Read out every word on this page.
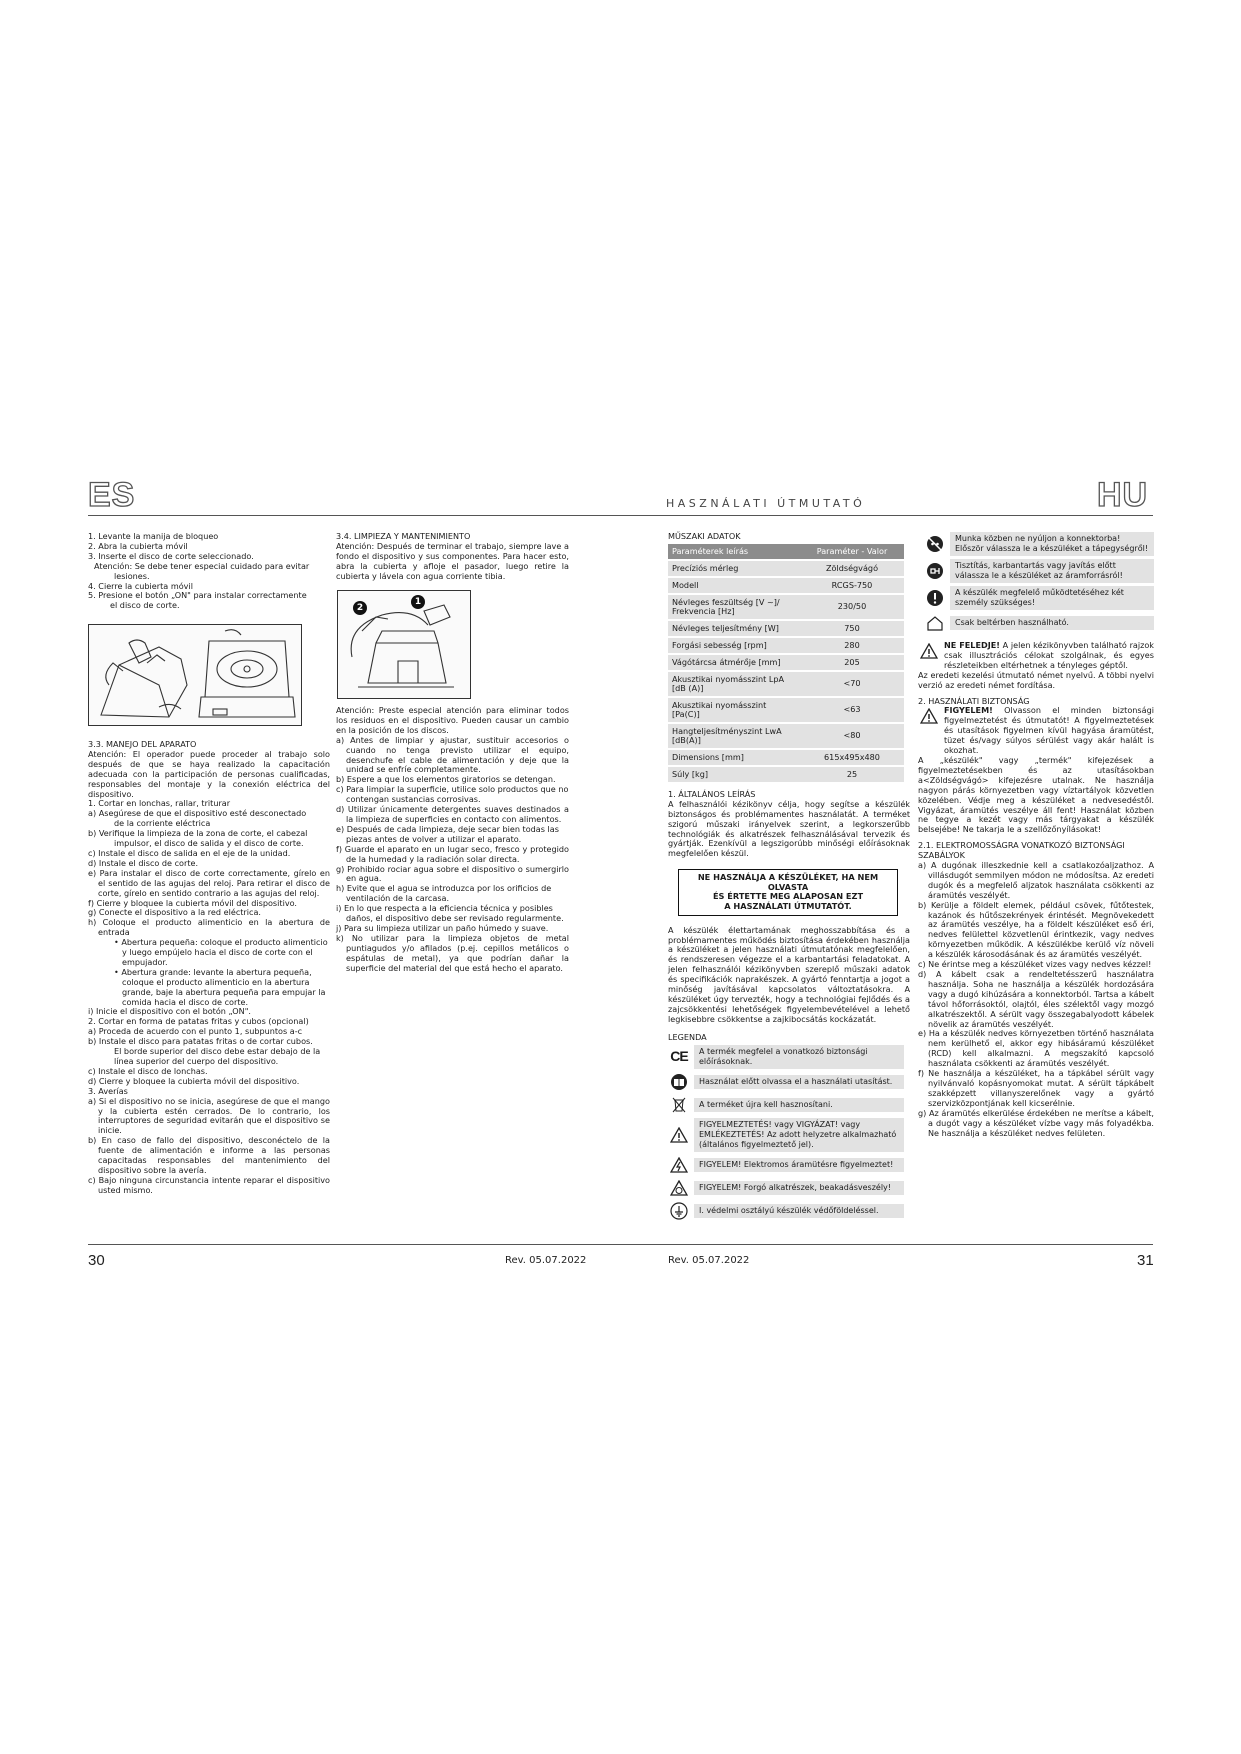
ES	HASZNÁLATI ÚTMUTATÓ	HU

1. Levante la manija de bloqueo

2. Abra la cubierta móvil

3. Inserte el disco de corte seleccionado.

Atención: Se debe tener especial cuidado para evitar

lesiones.

4. Cierre la cubierta móvil

5. Presione el botón „ON" para instalar correctamente

el disco de corte.

3.3. MANEJO DEL APARATO

Atención: El operador puede proceder al trabajo solo después de que se haya realizado la capacitación adecuada con la participación de personas cualificadas, responsables del montaje y la conexión eléctrica del dispositivo.

1. Cortar en lonchas, rallar, triturar

a) Asegúrese de que el dispositivo esté desconectado

de la corriente eléctrica

b) Verifique la limpieza de la zona de corte, el cabezal

impulsor, el disco de salida y el disco de corte.

c) Instale el disco de salida en el eje de la unidad.

d) Instale el disco de corte.

e) Para instalar el disco de corte correctamente, gírelo en el sentido de las agujas del reloj. Para retirar el disco de corte, gírelo en sentido contrario a las agujas del reloj.

f) Cierre y bloquee la cubierta móvil del dispositivo.

g) Conecte el dispositivo a la red eléctrica.

h) Coloque el producto alimenticio en la abertura de entrada

• Abertura pequeña: coloque el producto alimenticio y luego empújelo hacia el disco de corte con el empujador.

• Abertura grande: levante la abertura pequeña, coloque el producto alimenticio en la abertura grande, baje la abertura pequeña para empujar la comida hacia el disco de corte.

i) Inicie el dispositivo con el botón „ON".

2. Cortar en forma de patatas fritas y cubos (opcional)

a) Proceda de acuerdo con el punto 1, subpuntos a-c

b) Instale el disco para patatas fritas o de cortar cubos.

El borde superior del disco debe estar debajo de la línea superior del cuerpo del dispositivo.

c) Instale el disco de lonchas.

d) Cierre y bloquee la cubierta móvil del dispositivo.

3. Averías

a) Si el dispositivo no se inicia, asegúrese de que el mango y la cubierta estén cerrados. De lo contrario, los interruptores de seguridad evitarán que el dispositivo se inicie.

b) En caso de fallo del dispositivo, desconéctelo de la fuente de alimentación e informe a las personas capacitadas responsables del mantenimiento del dispositivo sobre la avería.

c) Bajo ninguna circunstancia intente reparar el dispositivo usted mismo.

3.4. LIMPIEZA Y MANTENIMIENTO

Atención: Después de terminar el trabajo, siempre lave a fondo el dispositivo y sus componentes. Para hacer esto, abra la cubierta y afloje el pasador, luego retire la cubierta y lávela con agua corriente tibia.

2
1

Atención: Preste especial atención para eliminar todos los residuos en el dispositivo. Pueden causar un cambio en la posición de los discos.

a) Antes de limpiar y ajustar, sustituir accesorios o cuando no tenga previsto utilizar el equipo, desenchufe el cable de alimentación y deje que la unidad se enfríe completamente.

b) Espere a que los elementos giratorios se detengan.

c) Para limpiar la superficie, utilice solo productos que no contengan sustancias corrosivas.

d) Utilizar únicamente detergentes suaves destinados a la limpieza de superficies en contacto con alimentos.

e) Después de cada limpieza, deje secar bien todas las piezas antes de volver a utilizar el aparato.

f) Guarde el aparato en un lugar seco, fresco y protegido de la humedad y la radiación solar directa.

g) Prohibido rociar agua sobre el dispositivo o sumergirlo en agua.

h) Evite que el agua se introduzca por los orificios de ventilación de la carcasa.

i) En lo que respecta a la eficiencia técnica y posibles daños, el dispositivo debe ser revisado regularmente.

j) Para su limpieza utilizar un paño húmedo y suave.

k) No utilizar para la limpieza objetos de metal puntiagudos y/o afilados (p.ej. cepillos metálicos o espátulas de metal), ya que podrían dañar la superficie del material del que está hecho el aparato.

MŰSZAKI ADATOK

Paraméterek leírás	Paraméter - Valor
Precíziós mérleg	Zöldségvágó
Modell	RCGS-750
Névleges feszültség [V ~]/ Frekvencia [Hz]	230/50
Névleges teljesítmény [W]	750
Forgási sebesség [rpm]	280
Vágótárcsa átmérője [mm]	205
Akusztikai nyomásszint LpA [dB (A)]	<70
Akusztikai nyomásszint [Pa(C)]	<63
Hangteljesítményszint LwA [dB(A)]	<80
Dimensions [mm]	615x495x480
Súly [kg]	25

1. ÁLTALÁNOS LEÍRÁS

A felhasználói kézikönyv célja, hogy segítse a készülék biztonságos és problémamentes használatát. A terméket szigorú műszaki irányelvek szerint, a legkorszerűbb technológiák és alkatrészek felhasználásával tervezik és gyártják. Ezenkívül a legszigorúbb minőségi előírásoknak megfelelően készül.

NE HASZNÁLJA A KÉSZÜLÉKET, HA NEM OLVASTA
ÉS ÉRTETTE MEG ALAPOSAN EZT
A HASZNÁLATI ÚTMUTATÓT.

A készülék élettartamának meghosszabbítása és a problémamentes működés biztosítása érdekében használja a készüléket a jelen használati útmutatónak megfelelően, és rendszeresen végezze el a karbantartási feladatokat. A jelen felhasználói kézikönyvben szereplő műszaki adatok és specifikációk naprakészek. A gyártó fenntartja a jogot a minőség javításával kapcsolatos változtatásokra. A készüléket úgy tervezték, hogy a technológiai fejlődés és a zajcsökkentési lehetőségek figyelembevételével a lehető legkisebbre csökkentse a zajkibocsátás kockázatát.

LEGENDA

CE	A termék megfelel a vonatkozó biztonsági előírásoknak.
Használat előtt olvassa el a használati utasítást.
A terméket újra kell hasznosítani.
FIGYELMEZTETÉS! vagy VIGYÁZAT! vagy EMLÉKEZTETÉS! Az adott helyzetre alkalmazható (általános figyelmeztető jel).
FIGYELEM! Elektromos áramütésre figyelmeztet!
FIGYELEM! Forgó alkatrészek, beakadásveszély!
I. védelmi osztályú készülék védőföldeléssel.
Munka közben ne nyúljon a konnektorba! Először válassza le a készüléket a tápegységről!
Tisztítás, karbantartás vagy javítás előtt válassza le a készüléket az áramforrásról!
A készülék megfelelő működtetéséhez két személy szükséges!
Csak beltérben használható.

NE FELEDJE! A jelen kézikönyvben található rajzok csak illusztrációs célokat szolgálnak, és egyes részleteikben eltérhetnek a tényleges géptől.

Az eredeti kezelési útmutató német nyelvű. A többi nyelvi verzió az eredeti német fordítása.

2. HASZNÁLATI BIZTONSÁG

FIGYELEM! Olvasson el minden biztonsági figyelmeztetést és útmutatót! A figyelmeztetések és utasítások figyelmen kívül hagyása áramütést, tüzet és/vagy súlyos sérülést vagy akár halált is okozhat.

A „készülék" vagy „termék" kifejezések a figyelmeztetésekben és az utasításokban a<Zöldségvágó> kifejezésre utalnak. Ne használja nagyon párás környezetben vagy víztartályok közvetlen közelében. Védje meg a készüléket a nedvesedéstől. Vigyázat, áramütés veszélye áll fent! Használat közben ne tegye a kezét vagy más tárgyakat a készülék belsejébe! Ne takarja le a szellőzőnyílásokat!

2.1. ELEKTROMOSSÁGRA VONATKOZÓ BIZTONSÁGI SZABÁLYOK

a) A dugónak illeszkednie kell a csatlakozóaljzathoz. A villásdugót semmilyen módon ne módosítsa. Az eredeti dugók és a megfelelő aljzatok használata csökkenti az áramütés veszélyét.

b) Kerülje a földelt elemek, például csövek, fűtőtestek, kazánok és hűtőszekrények érintését. Megnövekedett az áramütés veszélye, ha a földelt készüléket eső éri, nedves felülettel közvetlenül érintkezik, vagy nedves környezetben működik. A készülékbe kerülő víz növeli a készülék károsodásának és az áramütés veszélyét.

c) Ne érintse meg a készüléket vizes vagy nedves kézzel!

d) A kábelt csak a rendeltetésszerű használatra használja. Soha ne használja a készülék hordozására vagy a dugó kihúzására a konnektorból. Tartsa a kábelt távol hőforrásoktól, olajtól, éles szélektől vagy mozgó alkatrészektől. A sérült vagy összegabalyodott kábelek növelik az áramütés veszélyét.

e) Ha a készülék nedves környezetben történő használata nem kerülhető el, akkor egy hibásáramú készüléket (RCD) kell alkalmazni. A megszakító kapcsoló használata csökkenti az áramütés veszélyét.

f) Ne használja a készüléket, ha a tápkábel sérült vagy nyilvánvaló kopásnyomokat mutat. A sérült tápkábelt szakképzett villanyszerelőnek vagy a gyártó szervizközpontjának kell kicserélnie.

g) Az áramütés elkerülése érdekében ne merítse a kábelt, a dugót vagy a készüléket vízbe vagy más folyadékba. Ne használja a készüléket nedves felületen.

30	Rev. 05.07.2022	Rev. 05.07.2022	31
